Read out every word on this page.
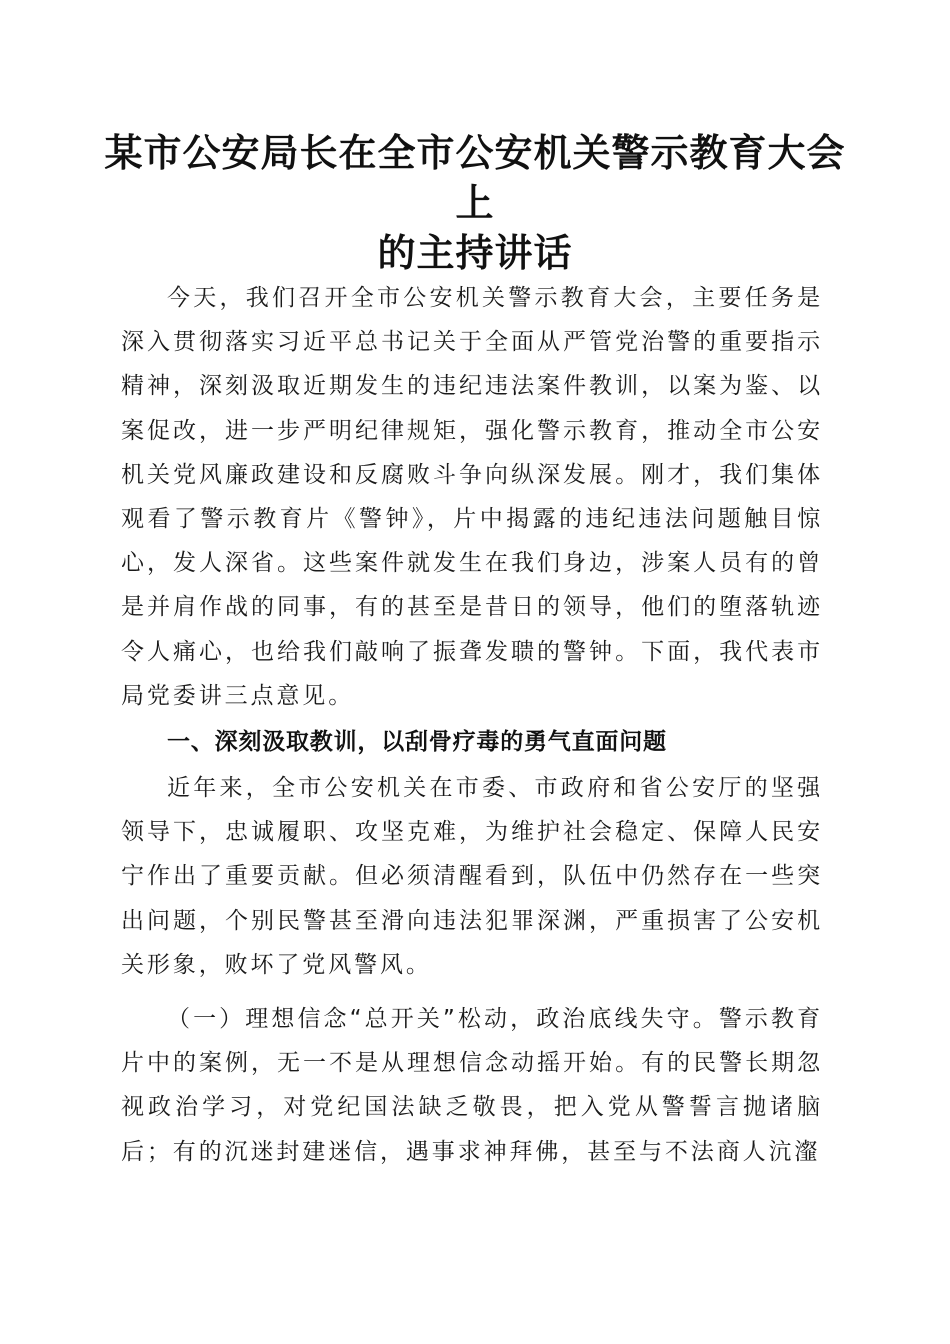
某市公安局长在全市公安机关警示教育大会上
的主持讲话

今天，我们召开全市公安机关警示教育大会，主要任务是深入贯彻落实习近平总书记关于全面从严管党治警的重要指示精神，深刻汲取近期发生的违纪违法案件教训，以案为鉴、以案促改，进一步严明纪律规矩，强化警示教育，推动全市公安机关党风廉政建设和反腐败斗争向纵深发展。刚才，我们集体观看了警示教育片《警钟》，片中揭露的违纪违法问题触目惊心，发人深省。这些案件就发生在我们身边，涉案人员有的曾是并肩作战的同事，有的甚至是昔日的领导，他们的堕落轨迹令人痛心，也给我们敲响了振聋发聩的警钟。下面，我代表市局党委讲三点意见。

一、深刻汲取教训，以刮骨疗毒的勇气直面问题

近年来，全市公安机关在市委、市政府和省公安厅的坚强领导下，忠诚履职、攻坚克难，为维护社会稳定、保障人民安宁作出了重要贡献。但必须清醒看到，队伍中仍然存在一些突出问题，个别民警甚至滑向违法犯罪深渊，严重损害了公安机关形象，败坏了党风警风。

（一）理想信念“总开关”松动，政治底线失守。警示教育片中的案例，无一不是从理想信念动摇开始。有的民警长期忽视政治学习，对党纪国法缺乏敬畏，把入党从警誓言抛诸脑后；有的沉迷封建迷信，遇事求神拜佛，甚至与不法商人沆瀣
